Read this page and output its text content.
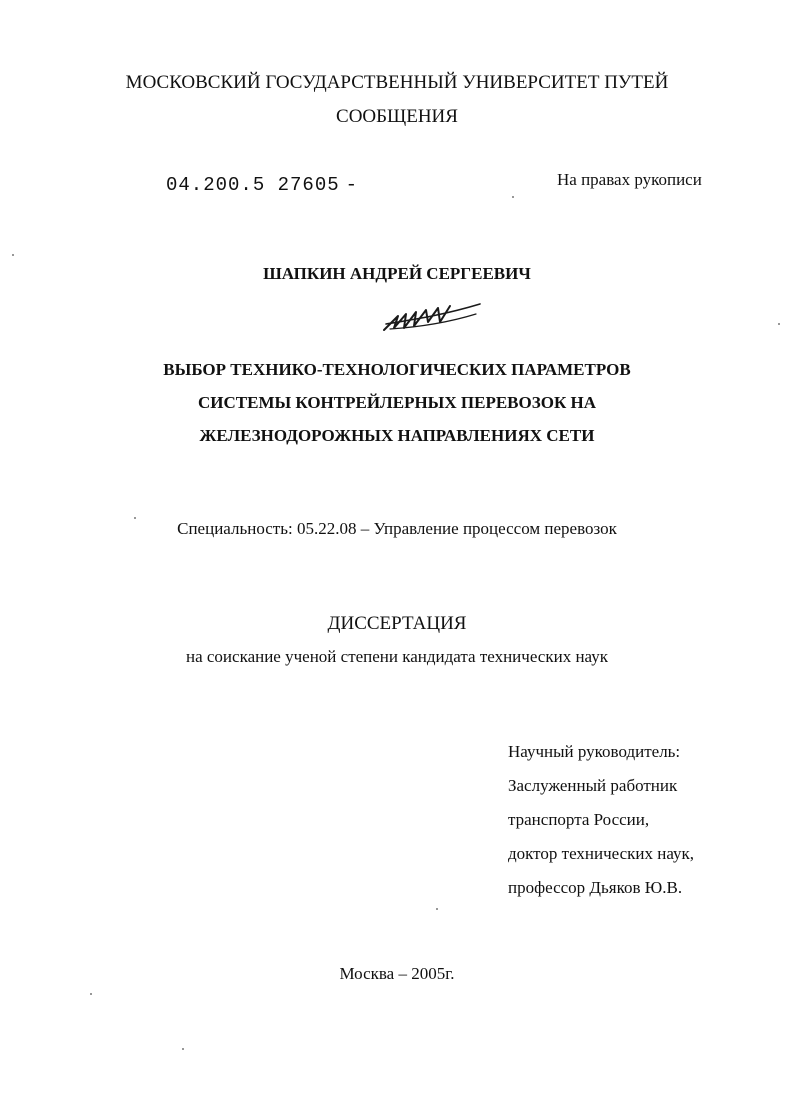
МОСКОВСКИЙ ГОСУДАРСТВЕННЫЙ УНИВЕРСИТЕТ ПУТЕЙ
СООБЩЕНИЯ
04.200.5 27605 -	На правах рукописи
ШАПКИН АНДРЕЙ СЕРГЕЕВИЧ
ВЫБОР ТЕХНИКО-ТЕХНОЛОГИЧЕСКИХ ПАРАМЕТРОВ
СИСТЕМЫ КОНТРЕЙЛЕРНЫХ ПЕРЕВОЗОК НА
ЖЕЛЕЗНОДОРОЖНЫХ НАПРАВЛЕНИЯХ СЕТИ
Специальность: 05.22.08 – Управление процессом перевозок
ДИССЕРТАЦИЯ
на соискание ученой степени кандидата технических наук
Научный руководитель:
Заслуженный работник
транспорта России,
доктор технических наук,
профессор Дьяков Ю.В.
Москва – 2005г.
